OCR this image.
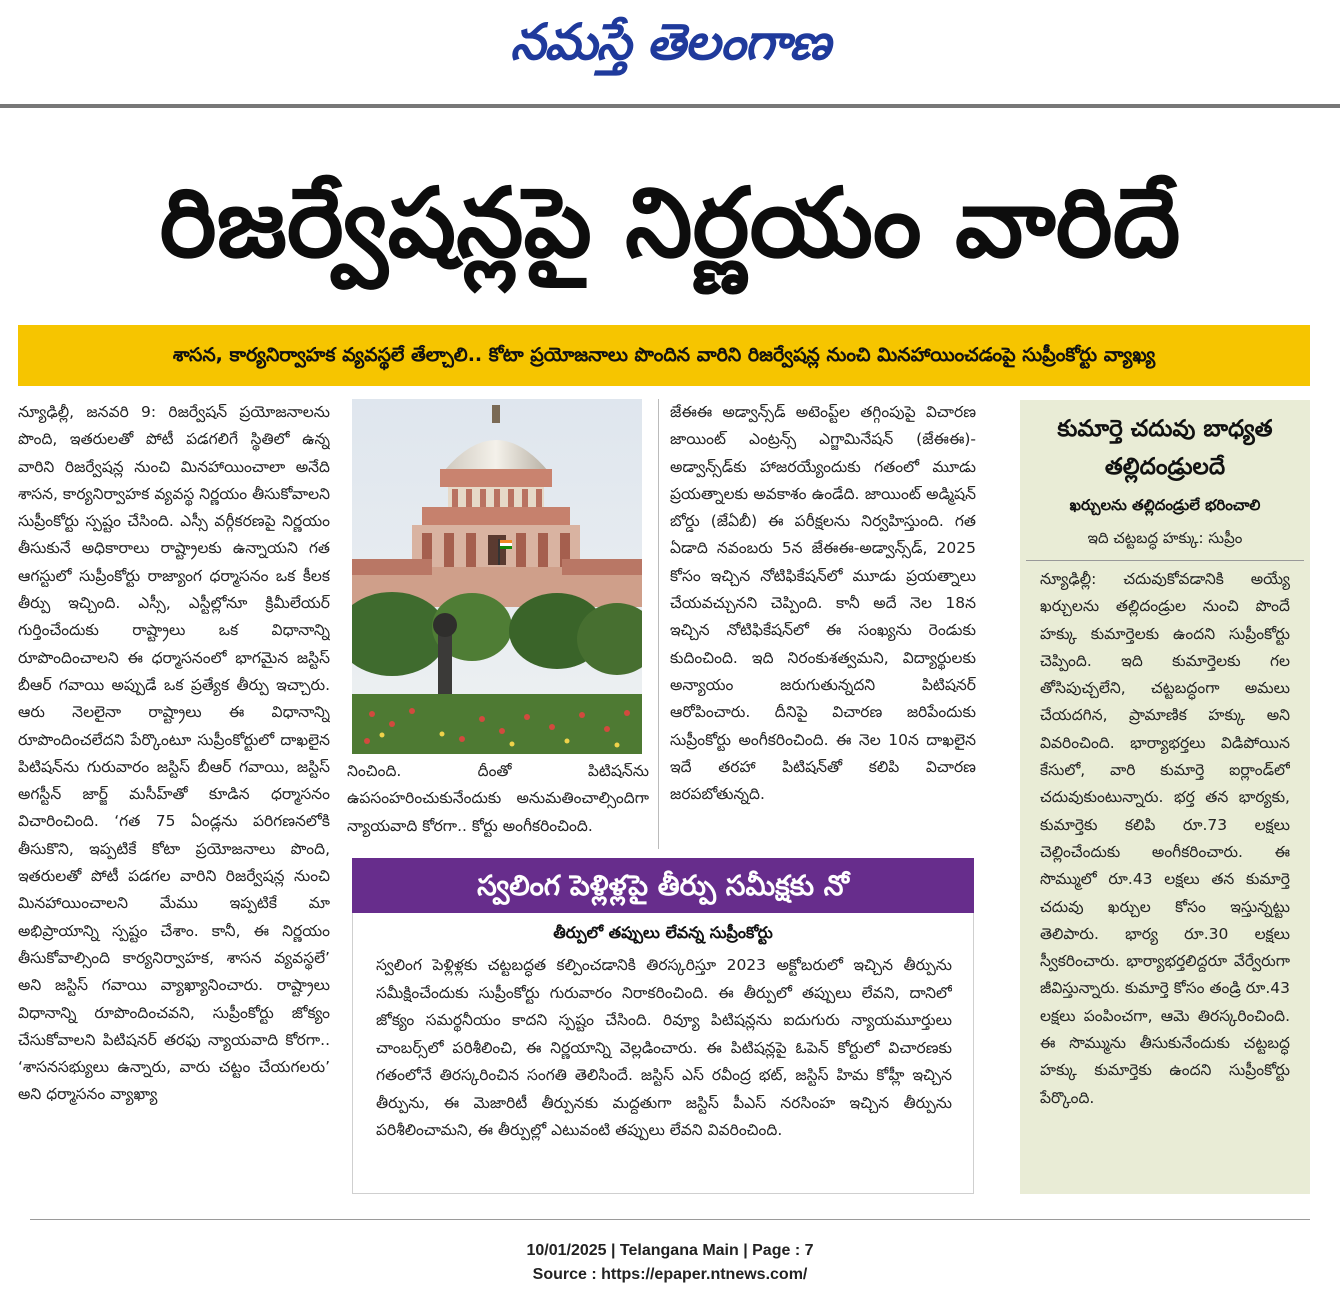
నమస్తే తెలంగాణ
రిజర్వేషన్లపై నిర్ణయం వారిదే
శాసన, కార్యనిర్వాహక వ్యవస్థలే తేల్చాలి.. కోటా ప్రయోజనాలు పొందిన వారిని రిజర్వేషన్ల నుంచి మినహాయించడంపై సుప్రీంకోర్టు వ్యాఖ్య
న్యూఢిల్లీ, జనవరి 9: రిజర్వేషన్ ప్రయోజనాలను పొంది, ఇతరులతో పోటీ పడగలిగే స్థితిలో ఉన్న వారిని రిజర్వేషన్ల నుంచి మినహాయించాలా అనేది శాసన, కార్యనిర్వాహక వ్యవస్థ నిర్ణయం తీసుకోవాలని సుప్రీంకోర్టు స్పష్టం చేసింది. ఎస్సీ వర్గీకరణపై నిర్ణయం తీసుకునే అధికారాలు రాష్ట్రాలకు ఉన్నాయని గత ఆగస్టులో సుప్రీంకోర్టు రాజ్యాంగ ధర్మాసనం ఒక కీలక తీర్పు ఇచ్చింది. ఎస్సీ, ఎస్టీల్లోనూ క్రిమీలేయర్ గుర్తించేందుకు రాష్ట్రాలు ఒక విధానాన్ని రూపొందించాలని ఈ ధర్మాసనంలో భాగమైన జస్టిస్ బీఆర్ గవాయి అప్పుడే ఒక ప్రత్యేక తీర్పు ఇచ్చారు. ఆరు నెలలైనా రాష్ట్రాలు ఈ విధానాన్ని రూపొందించలేదని పేర్కొంటూ సుప్రీంకోర్టులో దాఖలైన పిటిషన్‌ను గురువారం జస్టిస్ బీఆర్ గవాయి, జస్టిస్ అగస్టీన్ జార్జ్ మసీహ్‌తో కూడిన ధర్మాసనం విచారించింది. ‘గత 75 ఏండ్లను పరిగణనలోకి తీసుకొని, ఇప్పటికే కోటా ప్రయోజనాలు పొంది, ఇతరులతో పోటీ పడగల వారిని రిజర్వేషన్ల నుంచి మినహాయించాలని మేము ఇప్పటికే మా అభిప్రాయాన్ని స్పష్టం చేశాం. కానీ, ఈ నిర్ణయం తీసుకోవాల్సింది కార్యనిర్వాహక, శాసన వ్యవస్థలే’ అని జస్టిస్ గవాయి వ్యాఖ్యానించారు. రాష్ట్రాలు విధానాన్ని రూపొందించవని, సుప్రీంకోర్టు జోక్యం చేసుకోవాలని పిటిషనర్ తరఫు న్యాయవాది కోరగా.. ‘శాసనసభ్యులు ఉన్నారు, వారు చట్టం చేయగలరు’ అని ధర్మాసనం వ్యాఖ్యా
నించింది. దీంతో పిటిషన్‌ను ఉపసంహరించుకునేందుకు అనుమతించాల్సిందిగా న్యాయవాది కోరగా.. కోర్టు అంగీకరించింది.
జేఈఈ అడ్వాన్స్‌డ్ అటెంప్ట్‌ల తగ్గింపుపై విచారణ జాయింట్ ఎంట్రన్స్ ఎగ్జామినేషన్ (జేఈఈ)-అడ్వాన్స్‌డ్‌కు హాజరయ్యేందుకు గతంలో మూడు ప్రయత్నాలకు అవకాశం ఉండేది. జాయింట్ అడ్మిషన్ బోర్డు (జేఏబీ) ఈ పరీక్షలను నిర్వహిస్తుంది. గత ఏడాది నవంబరు 5న జేఈఈ-అడ్వాన్స్‌డ్, 2025 కోసం ఇచ్చిన నోటిఫికేషన్‌లో మూడు ప్రయత్నాలు చేయవచ్చునని చెప్పింది. కానీ అదే నెల 18న ఇచ్చిన నోటిఫికేషన్‌లో ఈ సంఖ్యను రెండుకు కుదించింది. ఇది నిరంకుశత్వమని, విద్యార్థులకు అన్యాయం జరుగుతున్నదని పిటిషనర్ ఆరోపించారు. దీనిపై విచారణ జరిపేందుకు సుప్రీంకోర్టు అంగీకరించింది. ఈ నెల 10న దాఖలైన ఇదే తరహా పిటిషన్‌తో కలిపి విచారణ జరపబోతున్నది.
కుమార్తె చదువు బాధ్యత తల్లిదండ్రులదే
ఖర్చులను తల్లిదండ్రులే భరించాలి
ఇది చట్టబద్ధ హక్కు: సుప్రీం
న్యూఢిల్లీ: చదువుకోవడానికి అయ్యే ఖర్చులను తల్లిదండ్రుల నుంచి పొందే హక్కు కుమార్తెలకు ఉందని సుప్రీంకోర్టు చెప్పింది. ఇది కుమార్తెలకు గల తోసిపుచ్చలేని, చట్టబద్ధంగా అమలు చేయదగిన, ప్రామాణిక హక్కు అని వివరించింది. భార్యాభర్తలు విడిపోయిన కేసులో, వారి కుమార్తె ఐర్లాండ్‌లో చదువుకుంటున్నారు. భర్త తన భార్యకు, కుమార్తెకు కలిపి రూ.73 లక్షలు చెల్లించేందుకు అంగీకరించారు. ఈ సొమ్ములో రూ.43 లక్షలు తన కుమార్తె చదువు ఖర్చుల కోసం ఇస్తున్నట్టు తెలిపారు. భార్య రూ.30 లక్షలు స్వీకరించారు. భార్యాభర్తలిద్దరూ వేర్వేరుగా జీవిస్తున్నారు. కుమార్తె కోసం తండ్రి రూ.43 లక్షలు పంపించగా, ఆమె తిరస్కరించింది. ఈ సొమ్మును తీసుకునేందుకు చట్టబద్ధ హక్కు కుమార్తెకు ఉందని సుప్రీంకోర్టు పేర్కొంది.
స్వలింగ పెళ్లిళ్లపై తీర్పు సమీక్షకు నో
తీర్పులో తప్పులు లేవన్న సుప్రీంకోర్టు
స్వలింగ పెళ్లిళ్లకు చట్టబద్ధత కల్పించడానికి తిరస్కరిస్తూ 2023 అక్టోబరులో ఇచ్చిన తీర్పును సమీక్షించేందుకు సుప్రీంకోర్టు గురువారం నిరాకరించింది. ఈ తీర్పులో తప్పులు లేవని, దానిలో జోక్యం సమర్థనీయం కాదని స్పష్టం చేసింది. రివ్యూ పిటిషన్లను ఐదుగురు న్యాయమూర్తులు చాంబర్స్‌లో పరిశీలించి, ఈ నిర్ణయాన్ని వెల్లడించారు. ఈ పిటిషన్లపై ఓపెన్ కోర్టులో విచారణకు గతంలోనే తిరస్కరించిన సంగతి తెలిసిందే. జస్టిస్ ఎస్ రవీంద్ర భట్, జస్టిస్ హిమ కోహ్లీ ఇచ్చిన తీర్పును, ఈ మెజారిటీ తీర్పునకు మద్దతుగా జస్టిస్ పీఎస్ నరసింహ ఇచ్చిన తీర్పును పరిశీలించామని, ఈ తీర్పుల్లో ఎటువంటి తప్పులు లేవని వివరించింది.
10/01/2025 | Telangana Main | Page : 7
Source : https://epaper.ntnews.com/
